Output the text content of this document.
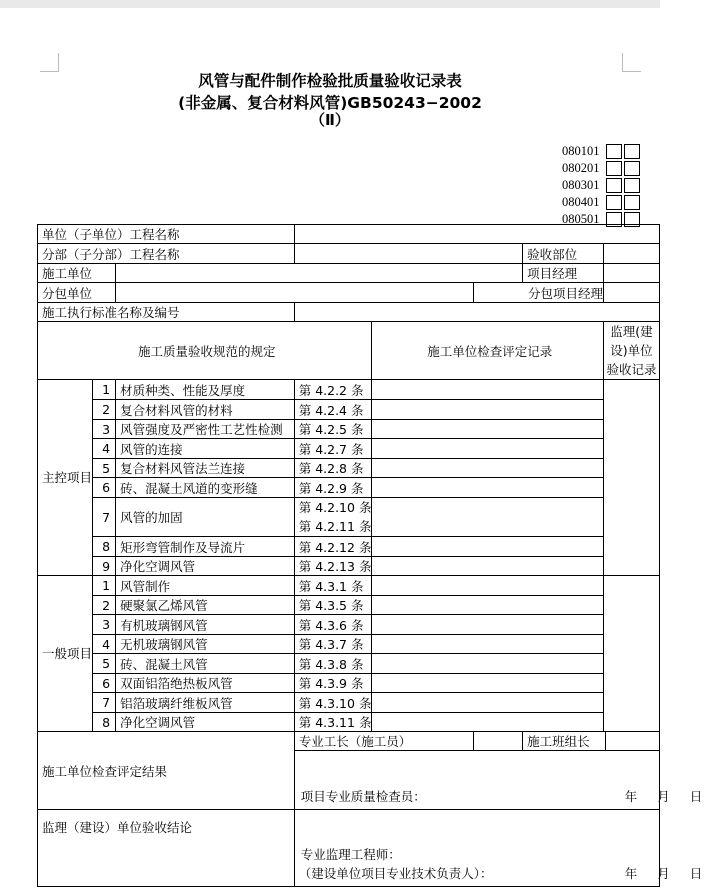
风管与配件制作检验批质量验收记录表
(非金属、复合材料风管)GB50243−2002
（Ⅱ）
080101
080201
080301
080401
080501
单位（子单位）工程名称								
分部（子分部）工程名称						验收部位		
施工单位						项目经理		
分包单位					分包项目经理			
施工执行标准名称及编号								
施工质量验收规范的规定				施工单位检查评定记录			监理(建设)单位验收记录	
主控项目	1	材质种类、性能及厚度	第 4.2.2 条					
	2	复合材料风管的材料	第 4.2.4 条					
	3	风管强度及严密性工艺性检测	第 4.2.5 条					
	4	风管的连接	第 4.2.7 条					
	5	复合材料风管法兰连接	第 4.2.8 条					
	6	砖、混凝土风道的变形缝	第 4.2.9 条					
	7	风管的加固	第 4.2.10 条
第 4.2.11 条					

	8	矩形弯管制作及导流片	第 4.2.12 条					
	9	净化空调风管	第 4.2.13 条					
一般项目	1	风管制作	第 4.3.1 条					
	2	硬聚氯乙烯风管	第 4.3.5 条					
	3	有机玻璃钢风管	第 4.3.6 条					
	4	无机玻璃钢风管	第 4.3.7 条					
	5	砖、混凝土风管	第 4.3.8 条					
	6	双面铝箔绝热板风管	第 4.3.9 条					
	7	铝箔玻璃纤维板风管	第 4.3.10 条					
	8	净化空调风管	第 4.3.11 条					
施工单位检查评定结果			专业工长（施工员）			施工班组长		

			项目专业质量检查员： 年 月 日					

监理（建设）单位验收结论			专业监理工程师：
（建设单位项目专业技术负责人）： 年 月 日					
